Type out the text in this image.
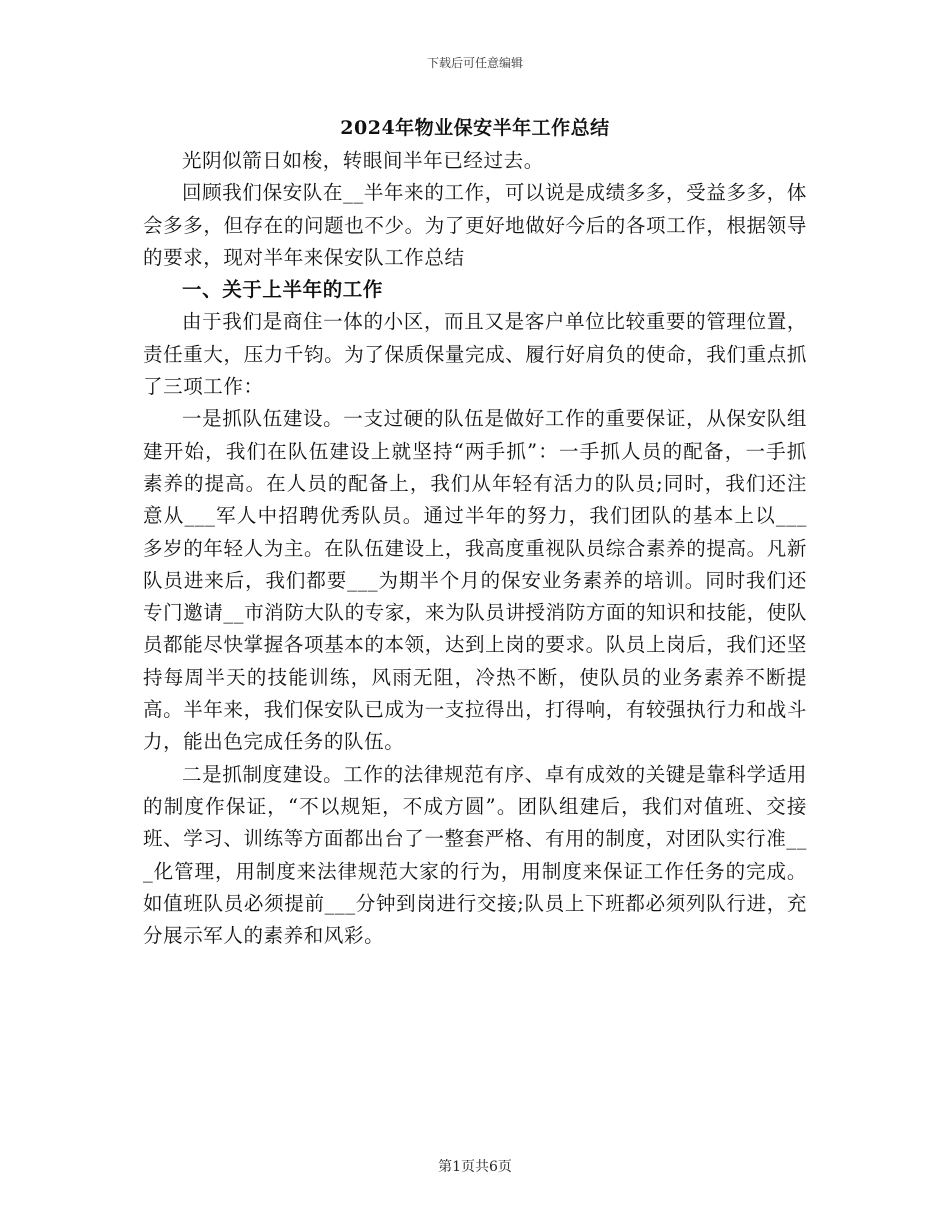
下载后可任意编辑
2024年物业保安半年工作总结

光阴似箭日如梭，转眼间半年已经过去。

回顾我们保安队在__半年来的工作，可以说是成绩多多，受益多多，体会多多，但存在的问题也不少。为了更好地做好今后的各项工作，根据领导的要求，现对半年来保安队工作总结

一、关于上半年的工作

由于我们是商住一体的小区，而且又是客户单位比较重要的管理位置，责任重大，压力千钧。为了保质保量完成、履行好肩负的使命，我们重点抓了三项工作：

一是抓队伍建设。一支过硬的队伍是做好工作的重要保证，从保安队组建开始，我们在队伍建设上就坚持“两手抓”：一手抓人员的配备，一手抓素养的提高。在人员的配备上，我们从年轻有活力的队员;同时，我们还注意从___军人中招聘优秀队员。通过半年的努力，我们团队的基本上以___多岁的年轻人为主。在队伍建设上，我高度重视队员综合素养的提高。凡新队员进来后，我们都要___为期半个月的保安业务素养的培训。同时我们还专门邀请__市消防大队的专家，来为队员讲授消防方面的知识和技能，使队员都能尽快掌握各项基本的本领，达到上岗的要求。队员上岗后，我们还坚持每周半天的技能训练，风雨无阻，冷热不断，使队员的业务素养不断提高。半年来，我们保安队已成为一支拉得出，打得响，有较强执行力和战斗力，能出色完成任务的队伍。

二是抓制度建设。工作的法律规范有序、卓有成效的关键是靠科学适用的制度作保证，“不以规矩，不成方圆”。团队组建后，我们对值班、交接班、学习、训练等方面都出台了一整套严格、有用的制度，对团队实行准___化管理，用制度来法律规范大家的行为，用制度来保证工作任务的完成。如值班队员必须提前___分钟到岗进行交接;队员上下班都必须列队行进，充分展示军人的素养和风彩。

第1页共6页
